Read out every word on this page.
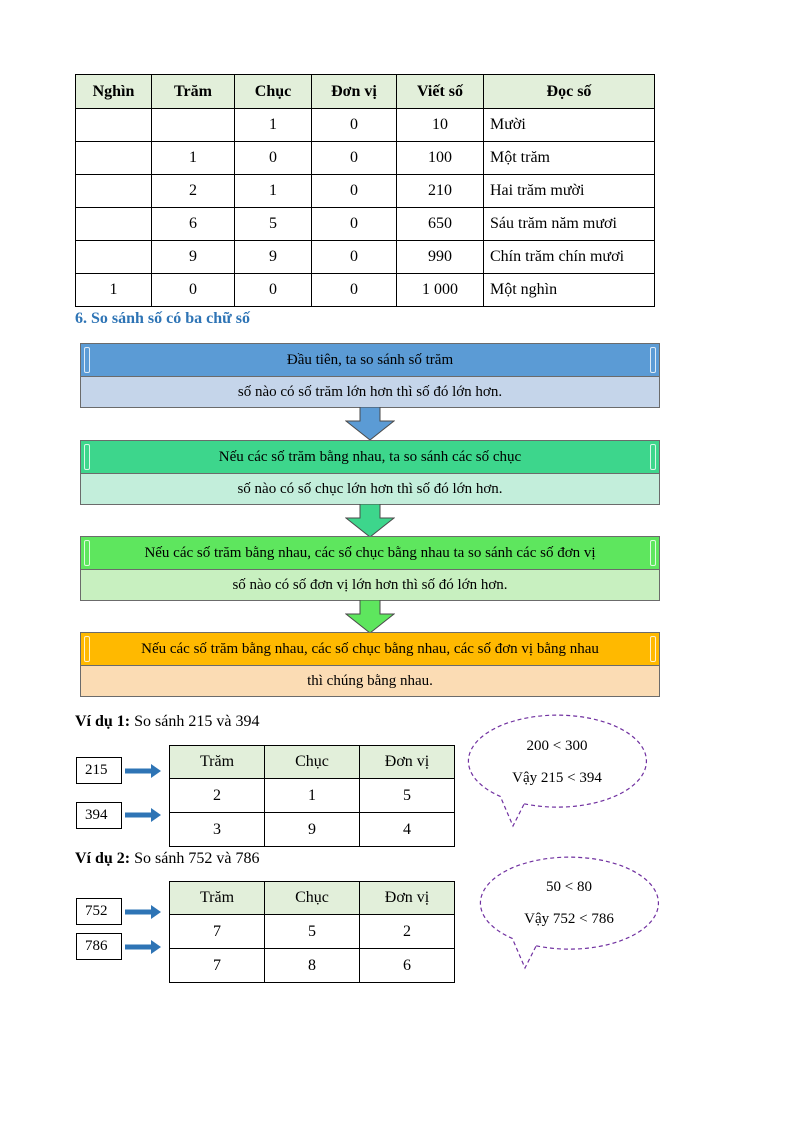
Nghìn	Trăm	Chục	Đơn vị	Viết số	Đọc số
		1	0	10	Mười
	1	0	0	100	Một trăm
	2	1	0	210	Hai trăm mười
	6	5	0	650	Sáu trăm năm mươi
	9	9	0	990	Chín trăm chín mươi
1	0	0	0	1 000	Một nghìn
6. So sánh số có ba chữ số
Đầu tiên, ta so sánh số trăm
số nào có số trăm lớn hơn thì số đó lớn hơn.
Nếu các số trăm bằng nhau, ta so sánh các số chục
số nào có số chục lớn hơn thì số đó lớn hơn.
Nếu các số trăm bằng nhau, các số chục bằng nhau ta so sánh các số đơn vị
số nào có số đơn vị lớn hơn thì số đó lớn hơn.
Nếu các số trăm bằng nhau, các số chục bằng nhau, các số đơn vị bằng nhau
thì chúng bằng nhau.
Ví dụ 1: So sánh 215 và 394
215
394
Trăm	Chục	Đơn vị
2	1	5
3	9	4
200 < 300
Vậy 215 < 394
Ví dụ 2: So sánh 752 và 786
752
786
Trăm	Chục	Đơn vị
7	5	2
7	8	6
50 < 80
Vậy 752 < 786
